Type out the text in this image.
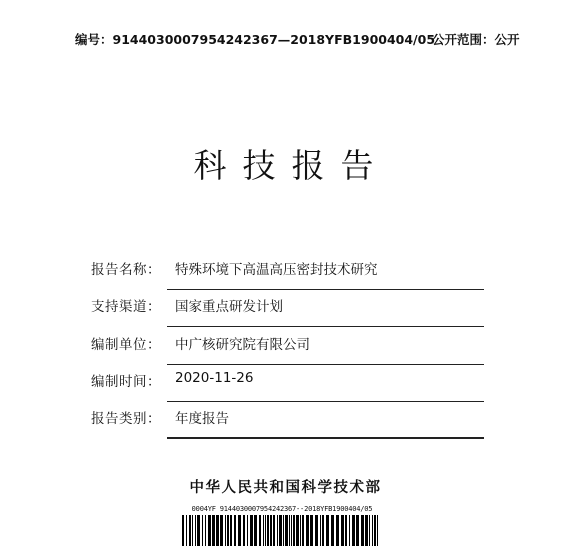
编号：9144030007954242367—2018YFB1900404/05
公开范围：公开
科技报告
报告名称： 特殊环境下高温高压密封技术研究
支持渠道： 国家重点研发计划
编制单位： 中广核研究院有限公司
编制时间： 2020-11-26
报告类别： 年度报告
中华人民共和国科学技术部
0004YF 9144030007954242367--2018YFB1900404/05
